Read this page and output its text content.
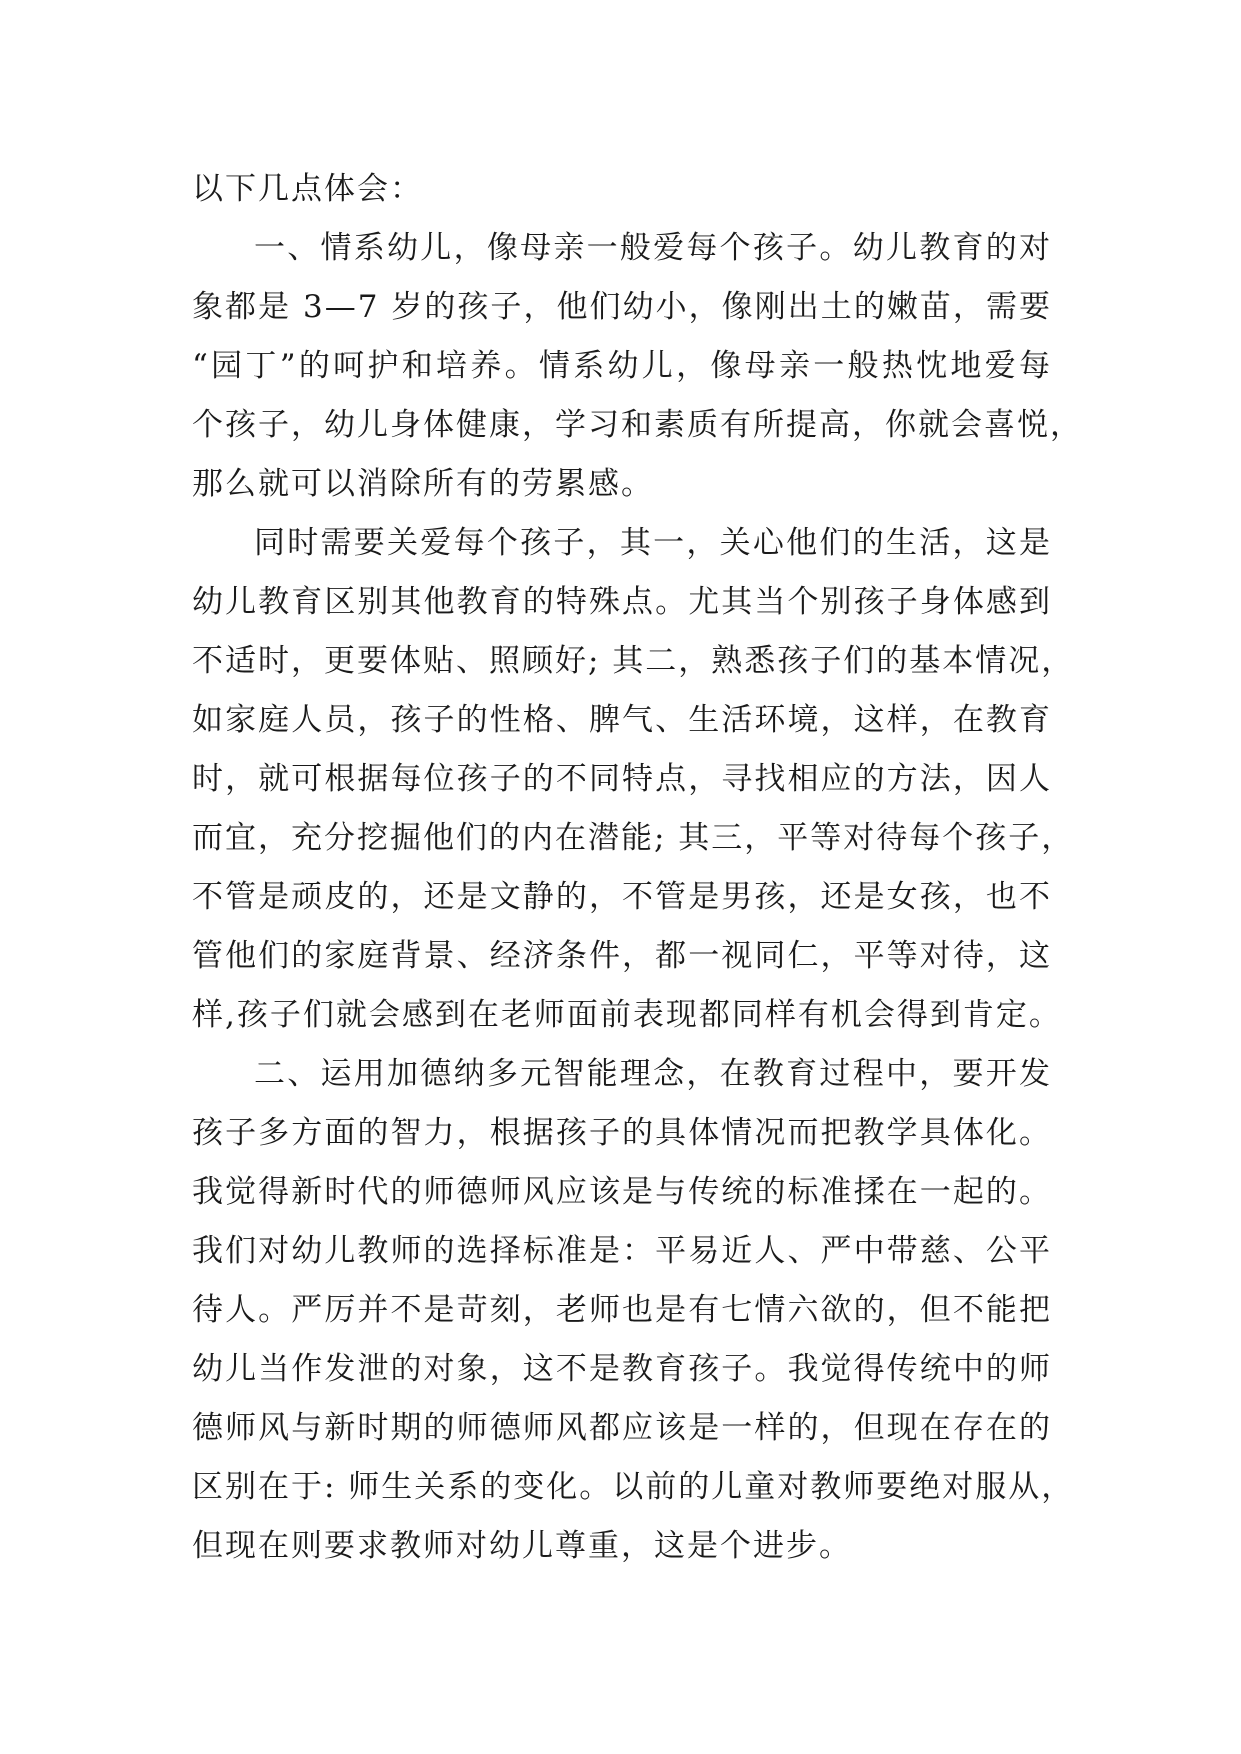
以下几点体会：
一、情系幼儿，像母亲一般爱每个孩子。幼儿教育的对
象都是 3—7 岁的孩子，他们幼小，像刚出土的嫩苗，需要
“园丁”的呵护和培养。情系幼儿，像母亲一般热忱地爱每
个孩子，幼儿身体健康，学习和素质有所提高，你就会喜悦，
那么就可以消除所有的劳累感。
同时需要关爱每个孩子，其一，关心他们的生活，这是
幼儿教育区别其他教育的特殊点。尤其当个别孩子身体感到
不适时，更要体贴、照顾好; 其二，熟悉孩子们的基本情况，
如家庭人员，孩子的性格、脾气、生活环境，这样，在教育
时，就可根据每位孩子的不同特点，寻找相应的方法，因人
而宜，充分挖掘他们的内在潜能; 其三，平等对待每个孩子，
不管是顽皮的，还是文静的，不管是男孩，还是女孩，也不
管他们的家庭背景、经济条件，都一视同仁，平等对待，这
样,孩子们就会感到在老师面前表现都同样有机会得到肯定。
二、运用加德纳多元智能理念，在教育过程中，要开发
孩子多方面的智力，根据孩子的具体情况而把教学具体化。
我觉得新时代的师德师风应该是与传统的标准揉在一起的。
我们对幼儿教师的选择标准是：平易近人、严中带慈、公平
待人。严厉并不是苛刻，老师也是有七情六欲的，但不能把
幼儿当作发泄的对象，这不是教育孩子。我觉得传统中的师
德师风与新时期的师德师风都应该是一样的，但现在存在的
区别在于: 师生关系的变化。以前的儿童对教师要绝对服从，
但现在则要求教师对幼儿尊重，这是个进步。
